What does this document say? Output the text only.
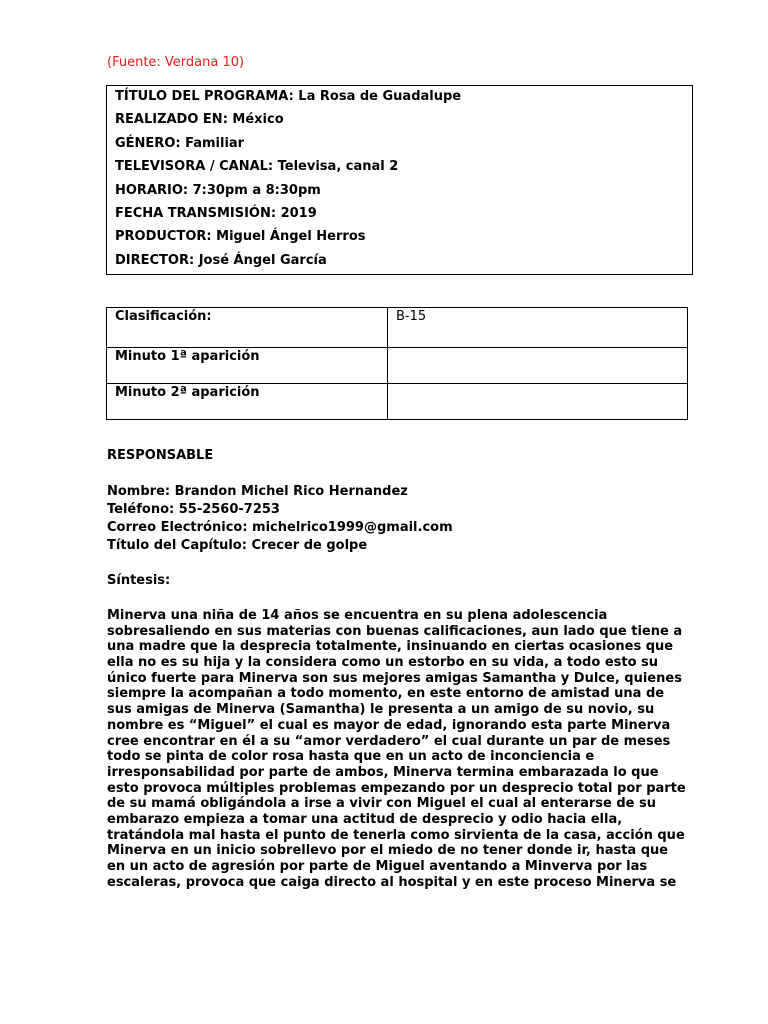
(Fuente: Verdana 10)
TÍTULO DEL PROGRAMA: La Rosa de Guadalupe
REALIZADO EN: México
GÉNERO: Familiar
TELEVISORA / CANAL: Televisa, canal 2
HORARIO: 7:30pm a 8:30pm
FECHA TRANSMISIÓN: 2019
PRODUCTOR: Miguel Ángel Herros
DIRECTOR: José Ángel García
Clasificación:	B-15
Minuto 1ª aparición	
Minuto 2ª aparición	
RESPONSABLE
Nombre: Brandon Michel Rico Hernandez
Teléfono: 55-2560-7253
Correo Electrónico: michelrico1999@gmail.com
Título del Capítulo: Crecer de golpe
Síntesis:
Minerva una niña de 14 años se encuentra en su plena adolescencia
sobresaliendo en sus materias con buenas calificaciones, aun lado que tiene a
una madre que la desprecia totalmente, insinuando en ciertas ocasiones que
ella no es su hija y la considera como un estorbo en su vida, a todo esto su
único fuerte para Minerva son sus mejores amigas Samantha y Dulce, quienes
siempre la acompañan a todo momento, en este entorno de amistad una de
sus amigas de Minerva (Samantha) le presenta a un amigo de su novio, su
nombre es “Miguel” el cual es mayor de edad, ignorando esta parte Minerva
cree encontrar en él a su “amor verdadero” el cual durante un par de meses
todo se pinta de color rosa hasta que en un acto de inconciencia e
irresponsabilidad por parte de ambos, Minerva termina embarazada lo que
esto provoca múltiples problemas empezando por un desprecio total por parte
de su mamá obligándola a irse a vivir con Miguel el cual al enterarse de su
embarazo empieza a tomar una actitud de desprecio y odio hacia ella,
tratándola mal hasta el punto de tenerla como sirvienta de la casa, acción que
Minerva en un inicio sobrellevo por el miedo de no tener donde ir, hasta que
en un acto de agresión por parte de Miguel aventando a Minverva por las
escaleras, provoca que caiga directo al hospital y en este proceso Minerva se
